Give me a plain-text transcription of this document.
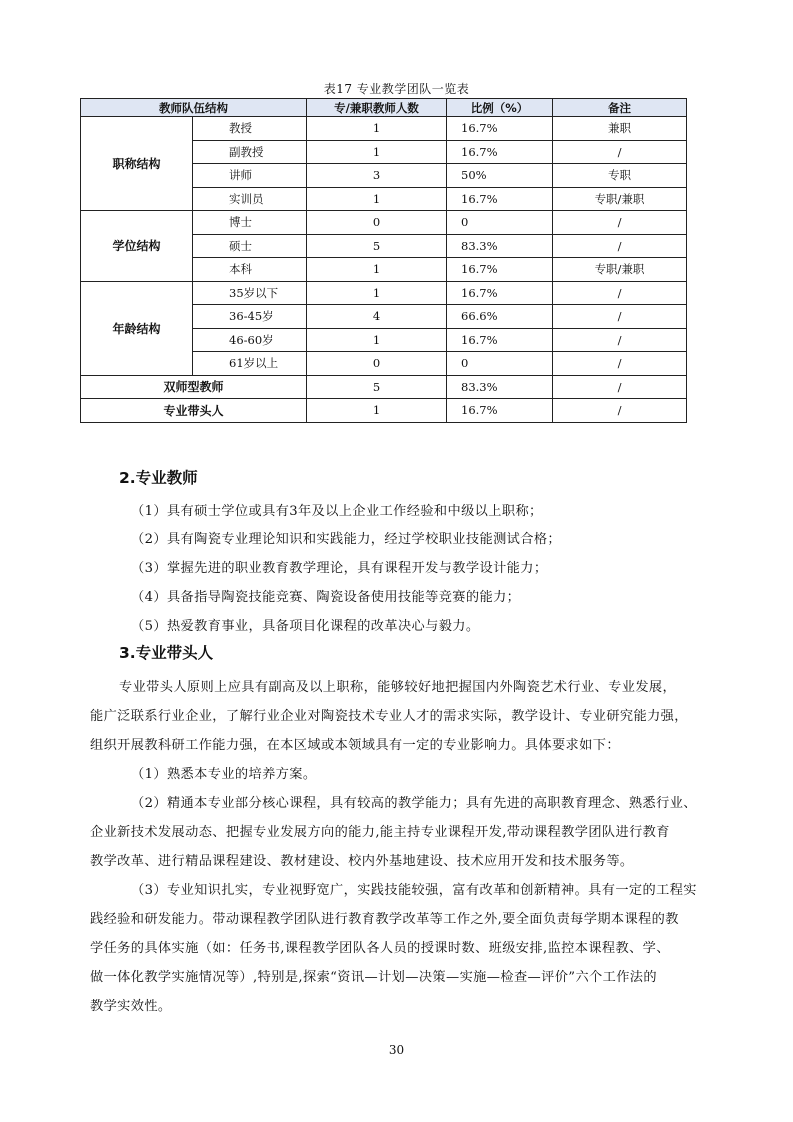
表17 专业教学团队一览表
教师队伍结构		专/兼职教师人数	比例（%）	备注
职称结构	教授	1	16.7%	兼职
	副教授	1	16.7%	/
	讲师	3	50%	专职
	实训员	1	16.7%	专职/兼职
学位结构	博士	0	0	/
	硕士	5	83.3%	/
	本科	1	16.7%	专职/兼职
年龄结构	35岁以下	1	16.7%	/
	36-45岁	4	66.6%	/
	46-60岁	1	16.7%	/
	61岁以上	0	0	/
双师型教师		5	83.3%	/
专业带头人		1	16.7%	/
2.专业教师
（1）具有硕士学位或具有3年及以上企业工作经验和中级以上职称；
（2）具有陶瓷专业理论知识和实践能力，经过学校职业技能测试合格；
（3）掌握先进的职业教育教学理论，具有课程开发与教学设计能力；
（4）具备指导陶瓷技能竞赛、陶瓷设备使用技能等竞赛的能力；
（5）热爱教育事业，具备项目化课程的改革决心与毅力。
3.专业带头人
专业带头人原则上应具有副高及以上职称，能够较好地把握国内外陶瓷艺术行业、专业发展，
能广泛联系行业企业，了解行业企业对陶瓷技术专业人才的需求实际，教学设计、专业研究能力强，
组织开展教科研工作能力强，在本区域或本领域具有一定的专业影响力。具体要求如下：
（1）熟悉本专业的培养方案。
（2）精通本专业部分核心课程，具有较高的教学能力；具有先进的高职教育理念、熟悉行业、
企业新技术发展动态、把握专业发展方向的能力,能主持专业课程开发,带动课程教学团队进行教育
教学改革、进行精品课程建设、教材建设、校内外基地建设、技术应用开发和技术服务等。
（3）专业知识扎实，专业视野宽广，实践技能较强，富有改革和创新精神。具有一定的工程实
践经验和研发能力。带动课程教学团队进行教育教学改革等工作之外,要全面负责每学期本课程的教
学任务的具体实施（如：任务书,课程教学团队各人员的授课时数、班级安排,监控本课程教、学、
做一体化教学实施情况等）,特别是,探索“资讯—计划—决策—实施—检查—评价”六个工作法的
教学实效性。
30
